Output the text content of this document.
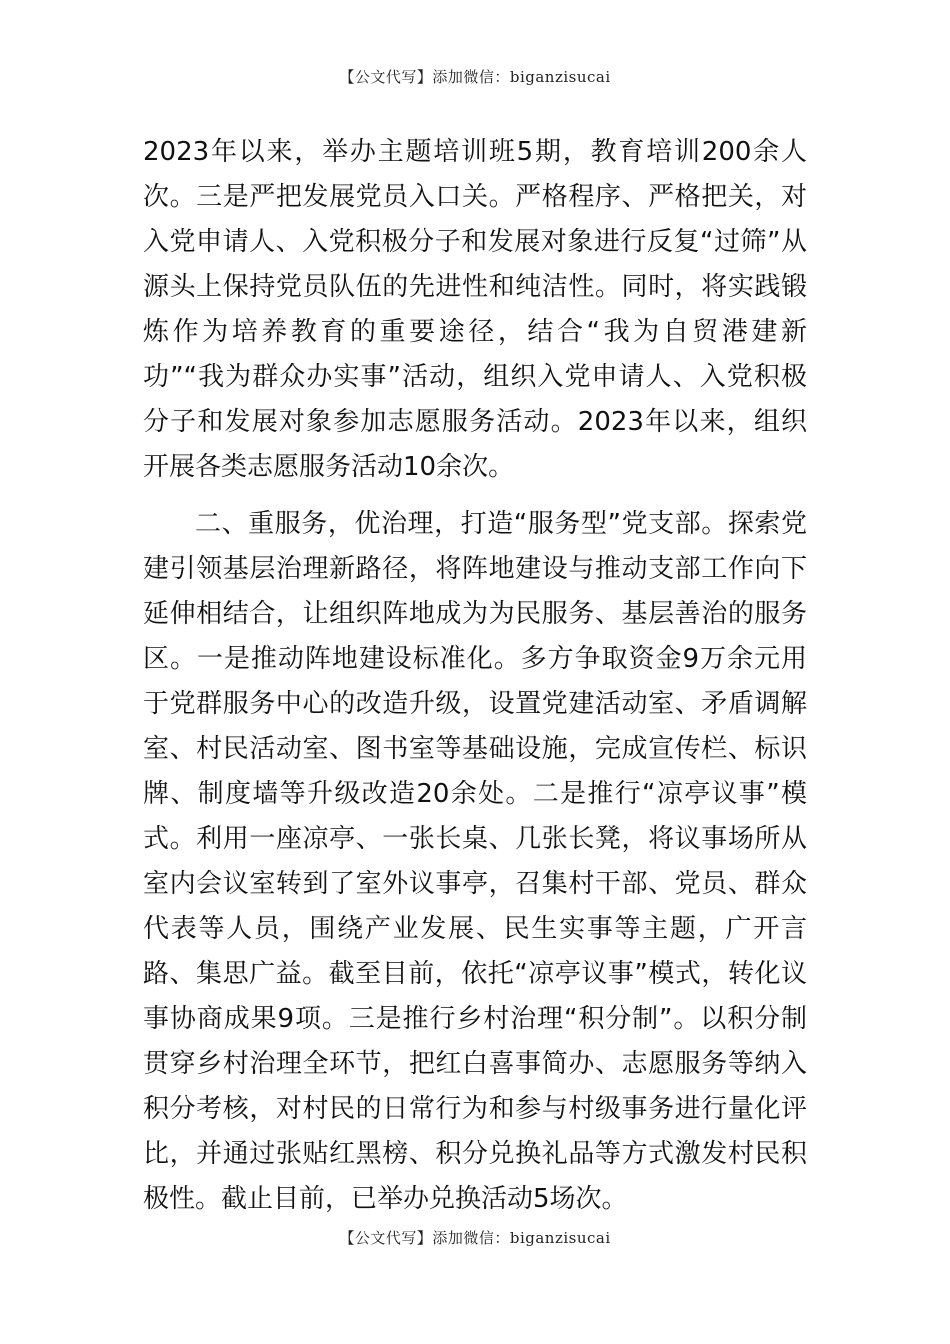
【公文代写】添加微信：biganzisucai

2023年以来，举办主题培训班5期，教育培训200余人次。三是严把发展党员入口关。严格程序、严格把关，对入党申请人、入党积极分子和发展对象进行反复“过筛”从源头上保持党员队伍的先进性和纯洁性。同时，将实践锻炼作为培养教育的重要途径，结合“我为自贸港建新功”“我为群众办实事”活动，组织入党申请人、入党积极分子和发展对象参加志愿服务活动。2023年以来，组织开展各类志愿服务活动10余次。

二、重服务，优治理，打造“服务型”党支部。探索党建引领基层治理新路径，将阵地建设与推动支部工作向下延伸相结合，让组织阵地成为为民服务、基层善治的服务区。一是推动阵地建设标准化。多方争取资金9万余元用于党群服务中心的改造升级，设置党建活动室、矛盾调解室、村民活动室、图书室等基础设施，完成宣传栏、标识牌、制度墙等升级改造20余处。二是推行“凉亭议事”模式。利用一座凉亭、一张长桌、几张长凳，将议事场所从室内会议室转到了室外议事亭，召集村干部、党员、群众代表等人员，围绕产业发展、民生实事等主题，广开言路、集思广益。截至目前，依托“凉亭议事”模式，转化议事协商成果9项。三是推行乡村治理“积分制”。以积分制贯穿乡村治理全环节，把红白喜事简办、志愿服务等纳入积分考核，对村民的日常行为和参与村级事务进行量化评比，并通过张贴红黑榜、积分兑换礼品等方式激发村民积极性。截止目前，已举办兑换活动5场次。

【公文代写】添加微信：biganzisucai
